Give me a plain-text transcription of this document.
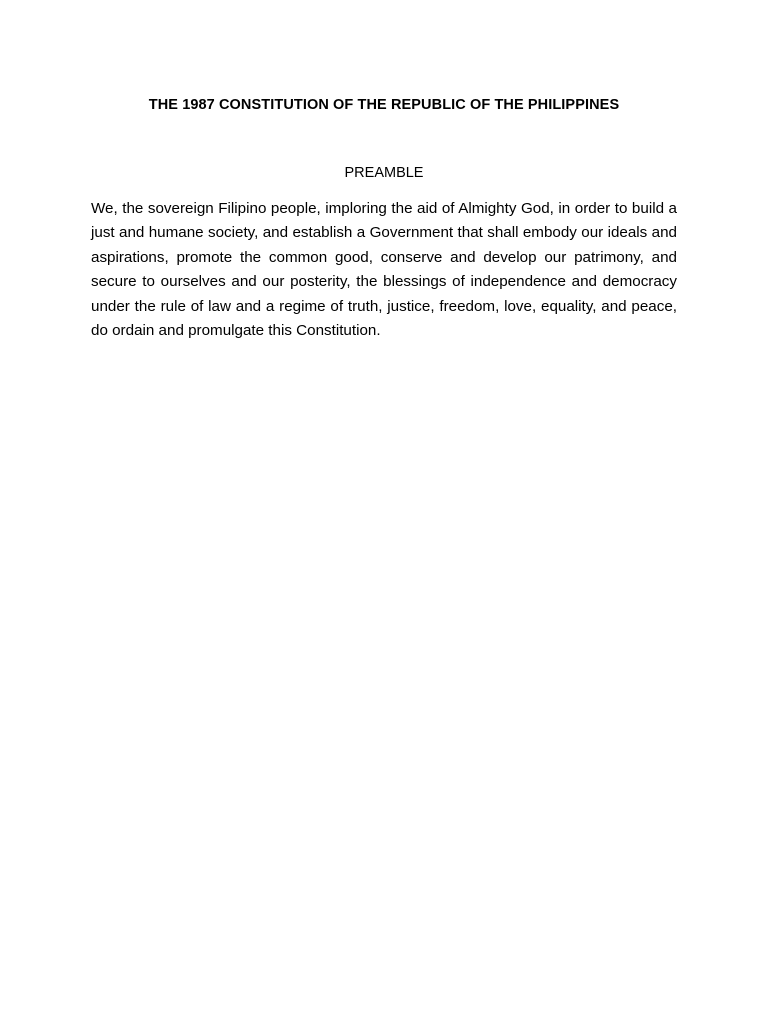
THE 1987 CONSTITUTION OF THE REPUBLIC OF THE PHILIPPINES
PREAMBLE

We, the sovereign Filipino people, imploring the aid of Almighty God, in order to build a just and humane society, and establish a Government that shall embody our ideals and aspirations, promote the common good, conserve and develop our patrimony, and secure to ourselves and our posterity, the blessings of independence and democracy under the rule of law and a regime of truth, justice, freedom, love, equality, and peace, do ordain and promulgate this Constitution.
